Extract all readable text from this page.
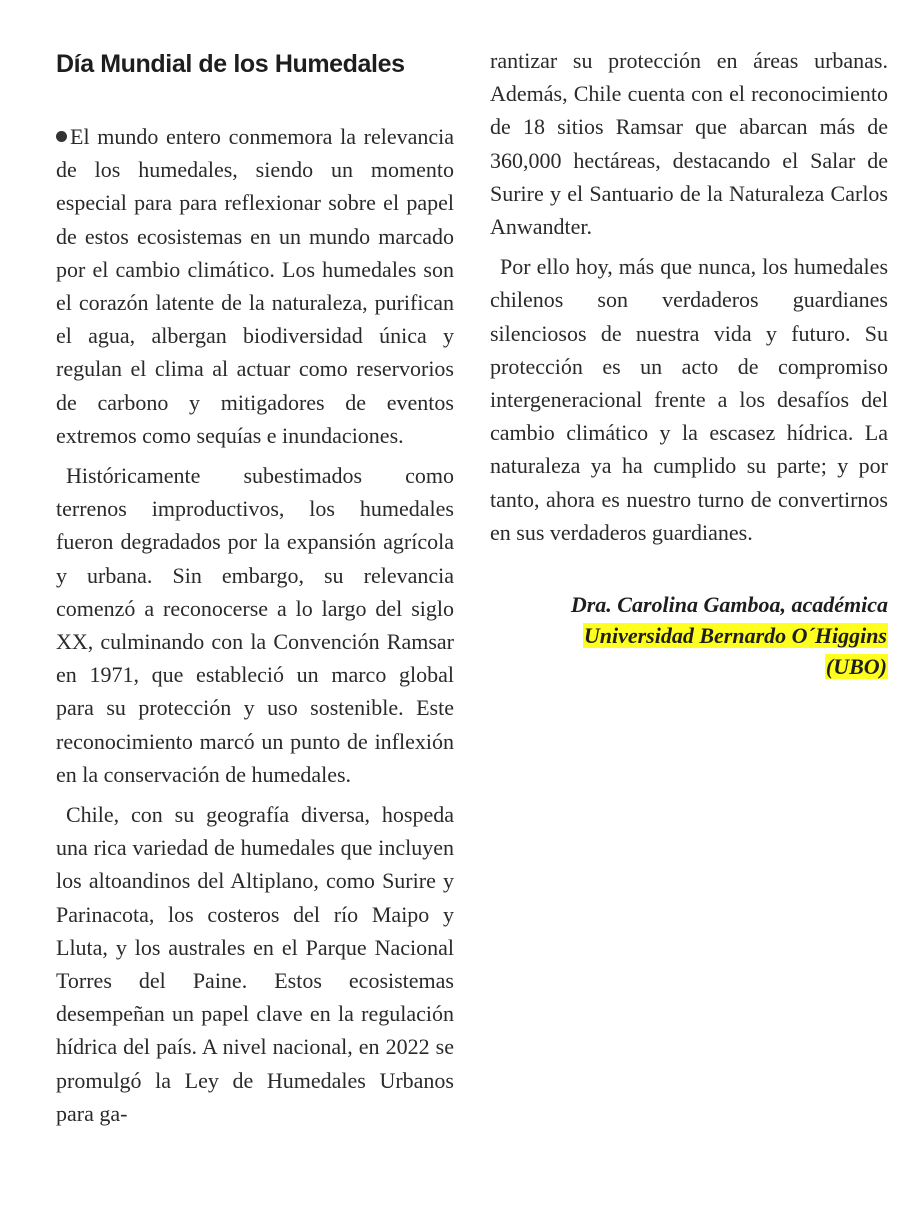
Día Mundial de los Humedales

El mundo entero conmemora la relevancia de los humedales, siendo un momento especial para para reflexionar sobre el papel de estos ecosistemas en un mundo marcado por el cambio climático. Los humedales son el corazón latente de la naturaleza, purifican el agua, albergan biodiversidad única y regulan el clima al actuar como reservorios de carbono y mitigadores de eventos extremos como sequías e inundaciones.

Históricamente subestimados como terrenos improductivos, los humedales fueron degradados por la expansión agrícola y urbana. Sin embargo, su relevancia comenzó a reconocerse a lo largo del siglo XX, culminando con la Convención Ramsar en 1971, que estableció un marco global para su protección y uso sostenible. Este reconocimiento marcó un punto de inflexión en la conservación de humedales.

Chile, con su geografía diversa, hospeda una rica variedad de humedales que incluyen los altoandinos del Altiplano, como Surire y Parinacota, los costeros del río Maipo y Lluta, y los australes en el Parque Nacional Torres del Paine. Estos ecosistemas desempeñan un papel clave en la regulación hídrica del país. A nivel nacional, en 2022 se promulgó la Ley de Humedales Urbanos para ga-

rantizar su protección en áreas urbanas. Además, Chile cuenta con el reconocimiento de 18 sitios Ramsar que abarcan más de 360,000 hectáreas, destacando el Salar de Surire y el Santuario de la Naturaleza Carlos Anwandter.

Por ello hoy, más que nunca, los humedales chilenos son verdaderos guardianes silenciosos de nuestra vida y futuro. Su protección es un acto de compromiso intergeneracional frente a los desafíos del cambio climático y la escasez hídrica. La naturaleza ya ha cumplido su parte; y por tanto, ahora es nuestro turno de convertirnos en sus verdaderos guardianes.

Dra. Carolina Gamboa, académica
Universidad Bernardo O´Higgins
(UBO)
